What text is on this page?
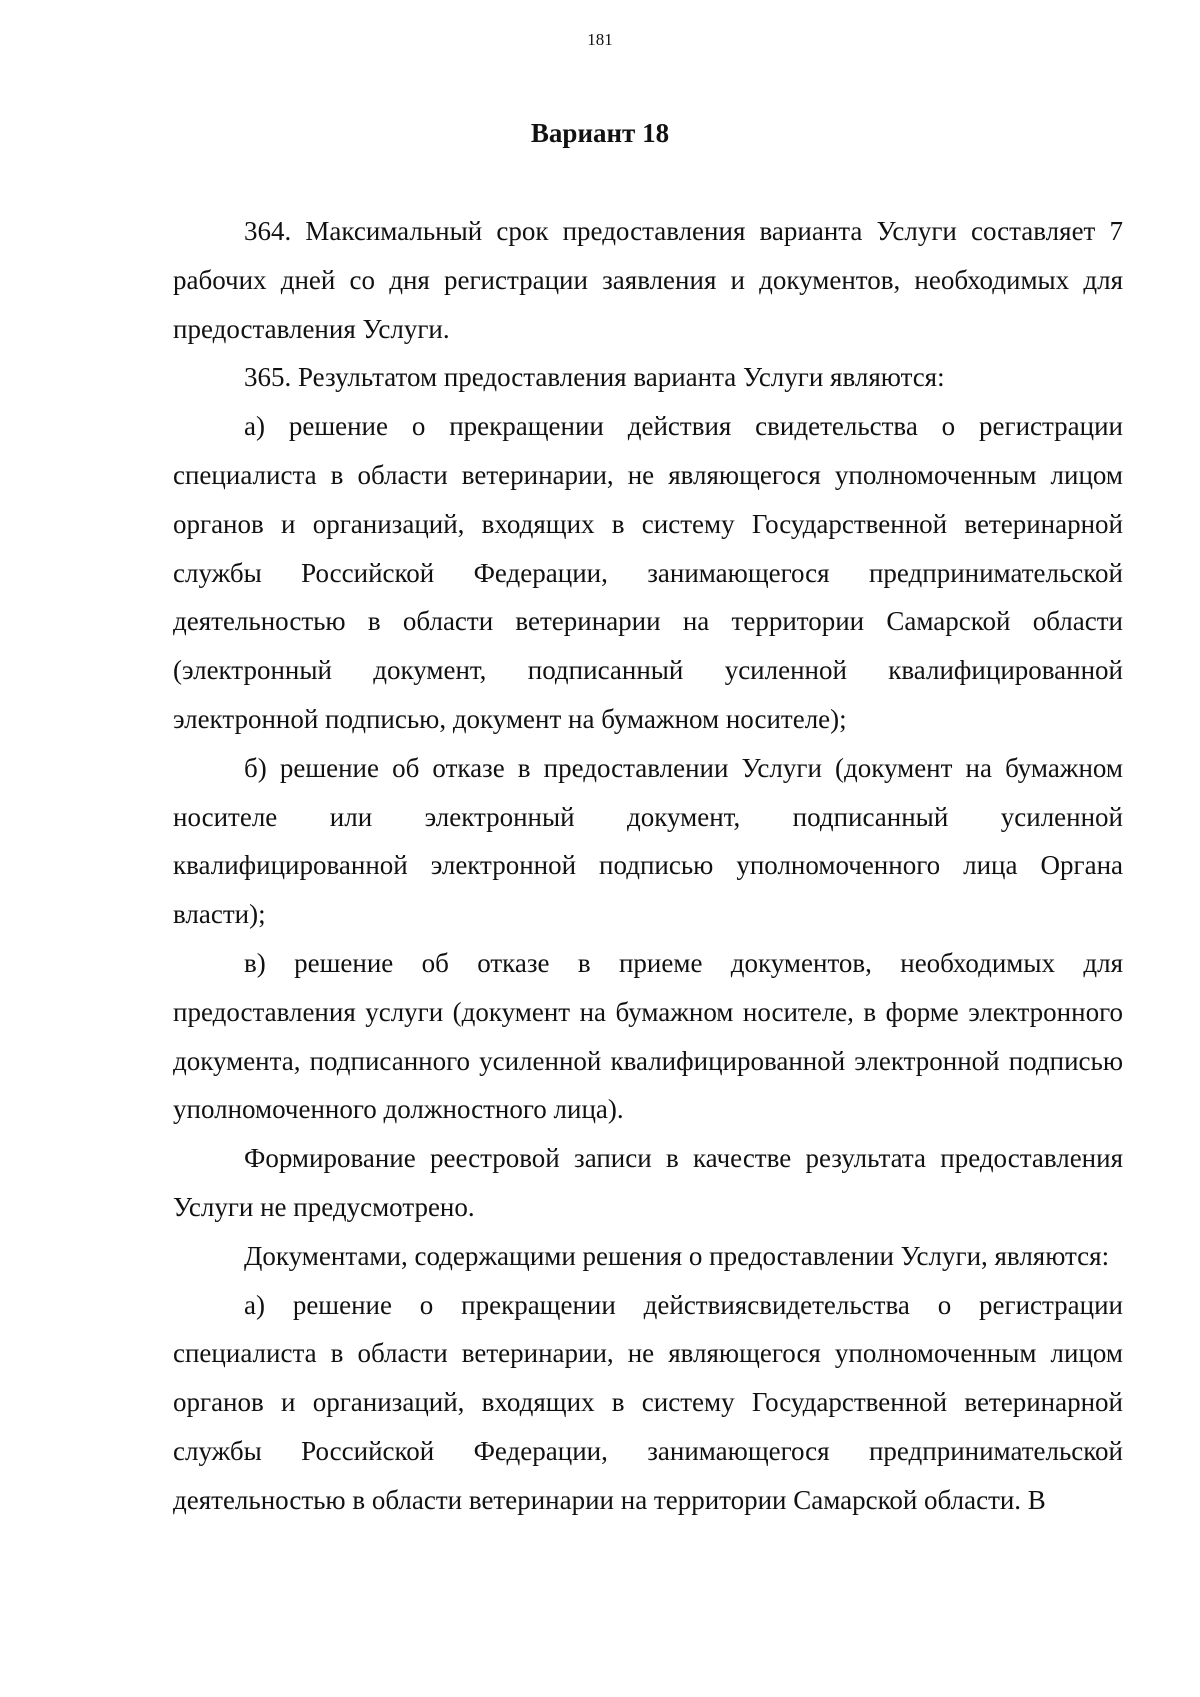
181
Вариант 18

364. Максимальный срок предоставления варианта Услуги составляет 7 рабочих дней со дня регистрации заявления и документов, необходимых для предоставления Услуги.

365. Результатом предоставления варианта Услуги являются:

а) решение о прекращении действия свидетельства о регистрации специалиста в области ветеринарии, не являющегося уполномоченным лицом органов и организаций, входящих в систему Государственной ветеринарной службы Российской Федерации, занимающегося предпринимательской деятельностью в области ветеринарии на территории Самарской области (электронный документ, подписанный усиленной квалифицированной электронной подписью, документ на бумажном носителе);

б) решение об отказе в предоставлении Услуги (документ на бумажном носителе или электронный документ, подписанный усиленной квалифицированной электронной подписью уполномоченного лица Органа власти);

в) решение об отказе в приеме документов, необходимых для предоставления услуги (документ на бумажном носителе, в форме электронного документа, подписанного усиленной квалифицированной электронной подписью уполномоченного должностного лица).

Формирование реестровой записи в качестве результата предоставления Услуги не предусмотрено.

Документами, содержащими решения о предоставлении Услуги, являются:

а) решение о прекращении действиясвидетельства о регистрации специалиста в области ветеринарии, не являющегося уполномоченным лицом органов и организаций, входящих в систему Государственной ветеринарной службы Российской Федерации, занимающегося предпринимательской деятельностью в области ветеринарии на территории Самарской области. В
